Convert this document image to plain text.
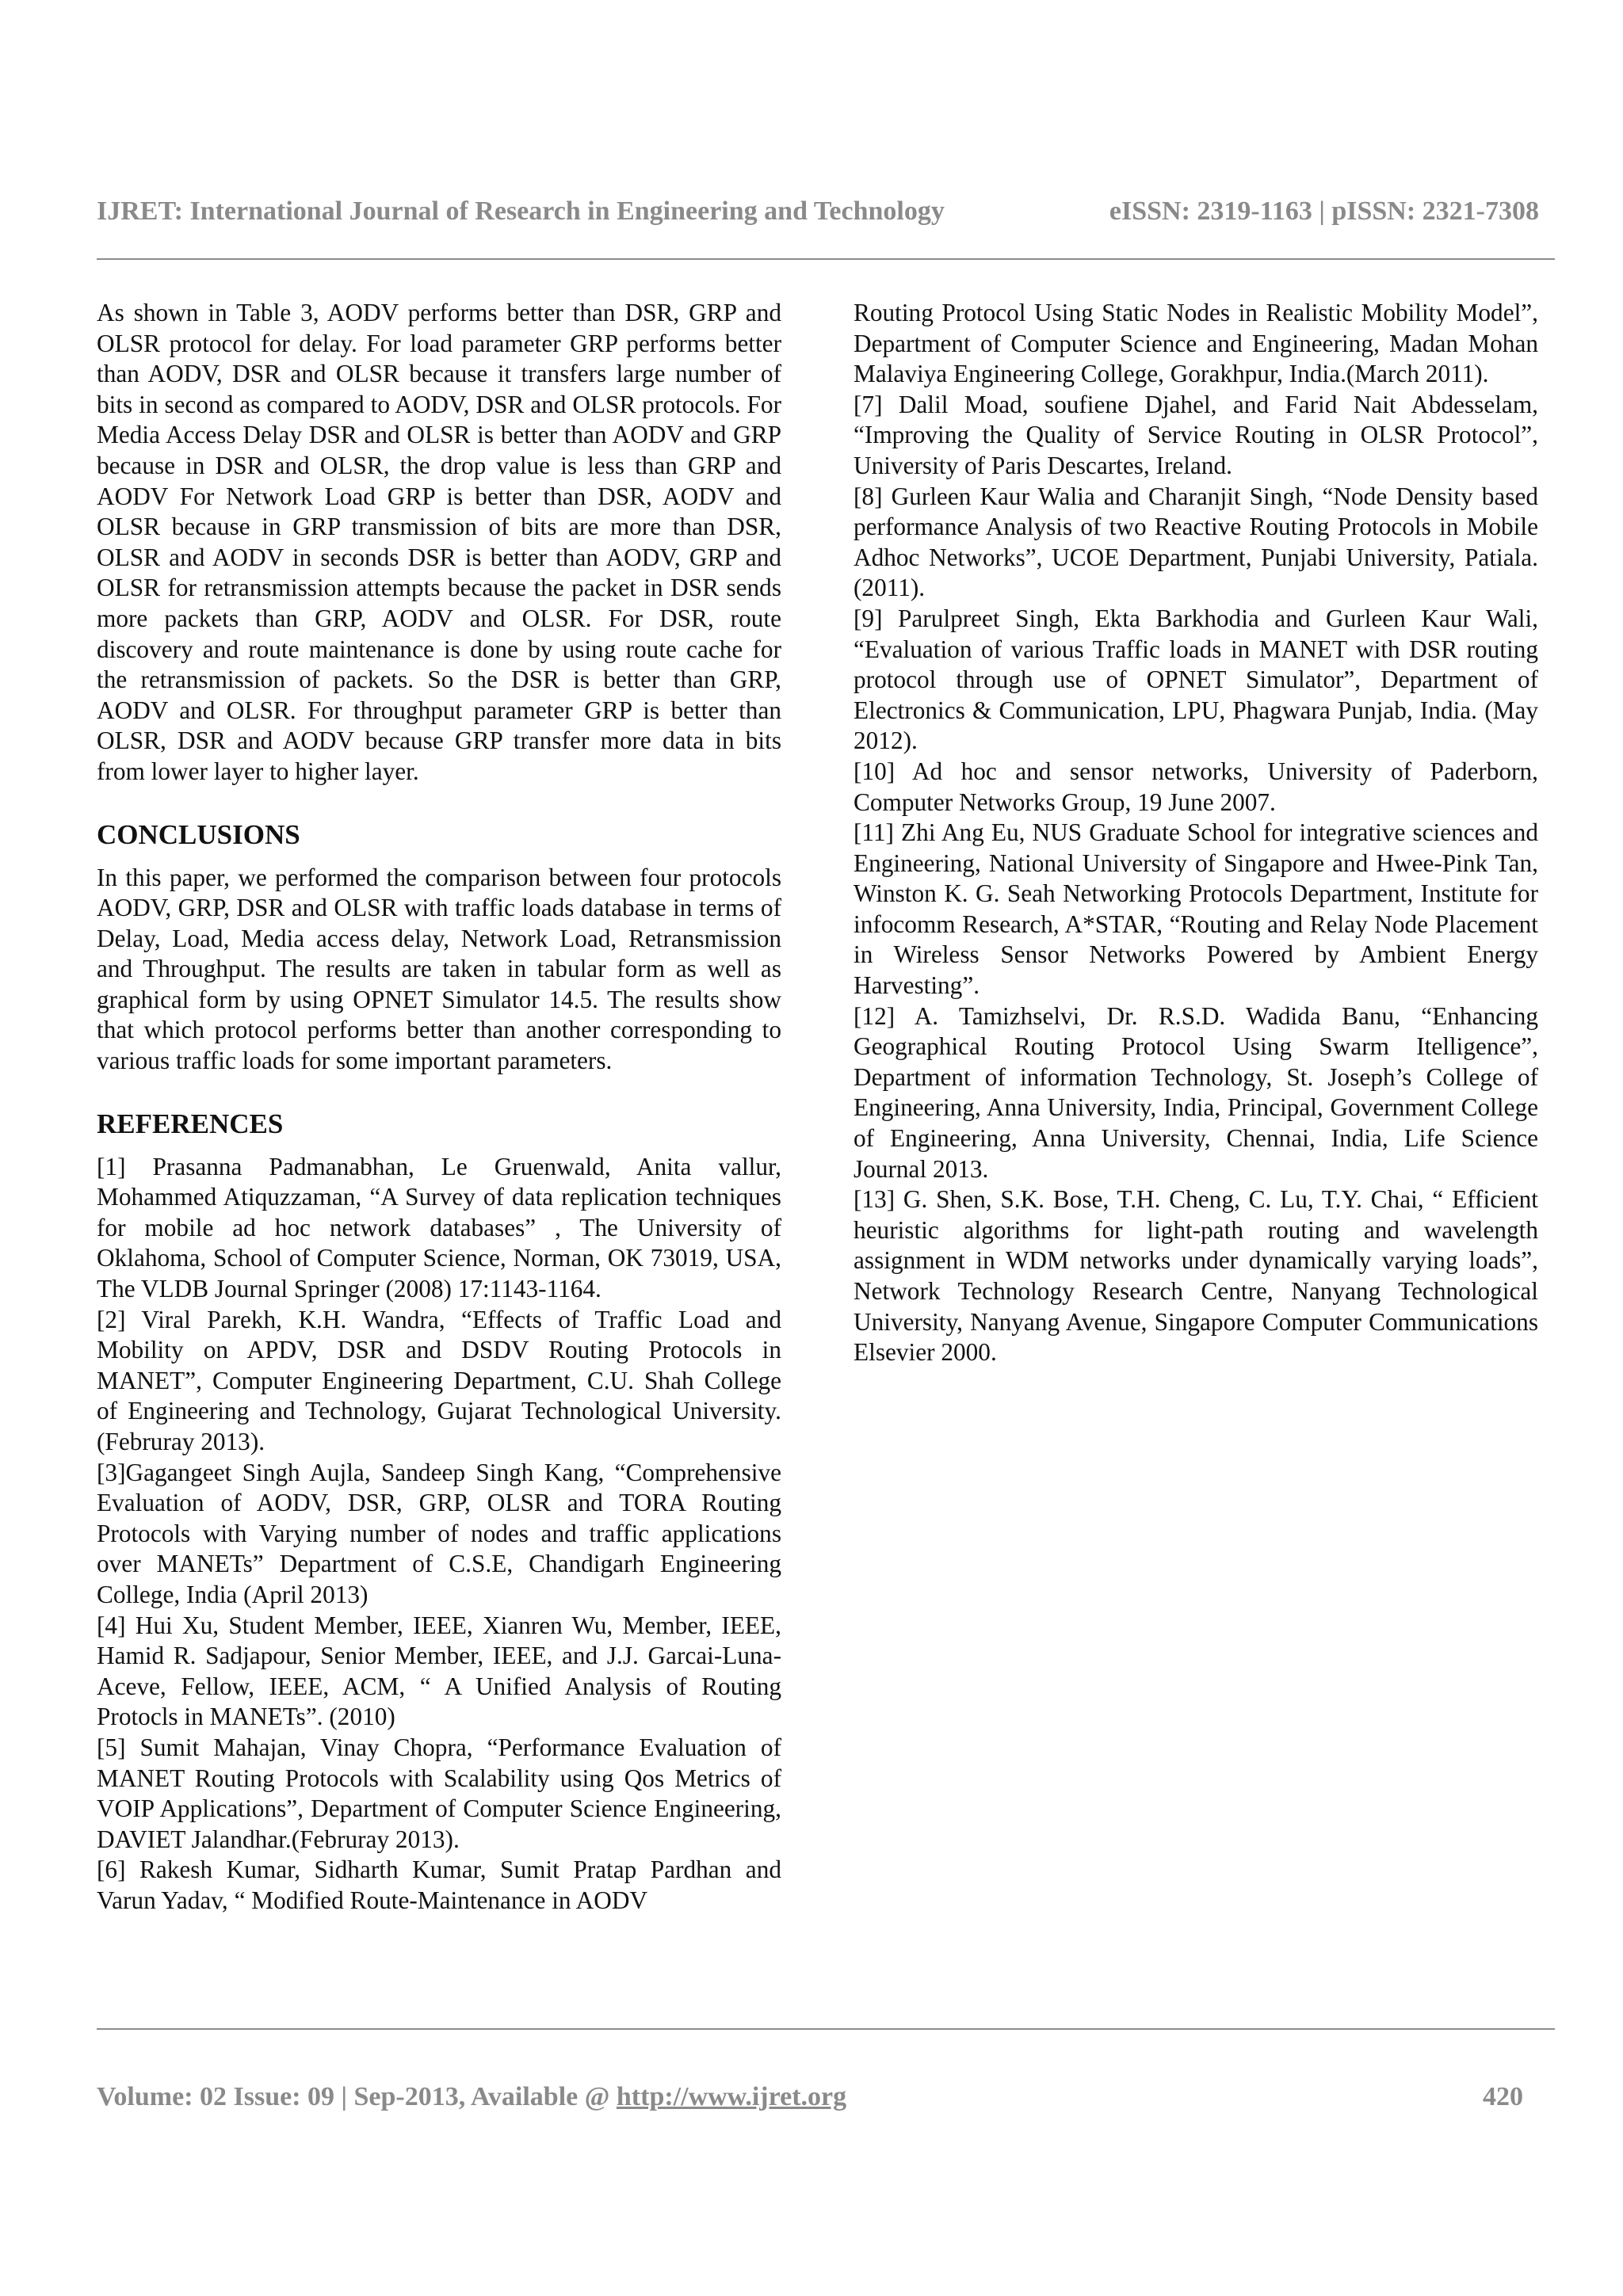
IJRET: International Journal of Research in Engineering and Technology	eISSN: 2319-1163 | pISSN: 2321-7308

As shown in Table 3, AODV performs better than DSR, GRP and OLSR protocol for delay. For load parameter GRP performs better than AODV, DSR and OLSR because it transfers large number of bits in second as compared to AODV, DSR and OLSR protocols. For Media Access Delay DSR and OLSR is better than AODV and GRP because in DSR and OLSR, the drop value is less than GRP and AODV For Network Load GRP is better than DSR, AODV and OLSR because in GRP transmission of bits are more than DSR, OLSR and AODV in seconds DSR is better than AODV, GRP and OLSR for retransmission attempts because the packet in DSR sends more packets than GRP, AODV and OLSR. For DSR, route discovery and route maintenance is done by using route cache for the retransmission of packets. So the DSR is better than GRP, AODV and OLSR. For throughput parameter GRP is better than OLSR, DSR and AODV because GRP transfer more data in bits from lower layer to higher layer.

CONCLUSIONS

In this paper, we performed the comparison between four protocols AODV, GRP, DSR and OLSR with traffic loads database in terms of Delay, Load, Media access delay, Network Load, Retransmission and Throughput. The results are taken in tabular form as well as graphical form by using OPNET Simulator 14.5. The results show that which protocol performs better than another corresponding to various traffic loads for some important parameters.

REFERENCES

[1] Prasanna Padmanabhan, Le Gruenwald, Anita vallur, Mohammed Atiquzzaman, “A Survey of data replication techniques for mobile ad hoc network databases” , The University of Oklahoma, School of Computer Science, Norman, OK 73019, USA, The VLDB Journal Springer (2008) 17:1143-1164.

[2] Viral Parekh, K.H. Wandra, “Effects of Traffic Load and Mobility on APDV, DSR and DSDV Routing Protocols in MANET”, Computer Engineering Department, C.U. Shah College of Engineering and Technology, Gujarat Technological University.(Februray 2013).

[3]Gagangeet Singh Aujla, Sandeep Singh Kang, “Comprehensive Evaluation of AODV, DSR, GRP, OLSR and TORA Routing Protocols with Varying number of nodes and traffic applications over MANETs” Department of C.S.E, Chandigarh Engineering College, India (April 2013)

[4] Hui Xu, Student Member, IEEE, Xianren Wu, Member, IEEE, Hamid R. Sadjapour, Senior Member, IEEE, and J.J. Garcai-Luna-Aceve, Fellow, IEEE, ACM, “ A Unified Analysis of Routing Protocls in MANETs”. (2010)

[5] Sumit Mahajan, Vinay Chopra, “Performance Evaluation of MANET Routing Protocols with Scalability using Qos Metrics of VOIP Applications”, Department of Computer Science Engineering, DAVIET Jalandhar.(Februray 2013).

[6] Rakesh Kumar, Sidharth Kumar, Sumit Pratap Pardhan and Varun Yadav, “ Modified Route-Maintenance in AODV

Routing Protocol Using Static Nodes in Realistic Mobility Model”, Department of Computer Science and Engineering, Madan Mohan Malaviya Engineering College, Gorakhpur, India.(March 2011).

[7] Dalil Moad, soufiene Djahel, and Farid Nait Abdesselam, “Improving the Quality of Service Routing in OLSR Protocol”, University of Paris Descartes, Ireland.

[8] Gurleen Kaur Walia and Charanjit Singh, “Node Density based performance Analysis of two Reactive Routing Protocols in Mobile Adhoc Networks”, UCOE Department, Punjabi University, Patiala.(2011).

[9] Parulpreet Singh, Ekta Barkhodia and Gurleen Kaur Wali, “Evaluation of various Traffic loads in MANET with DSR routing protocol through use of OPNET Simulator”, Department of Electronics & Communication, LPU, Phagwara Punjab, India. (May 2012).

[10] Ad hoc and sensor networks, University of Paderborn, Computer Networks Group, 19 June 2007.

[11] Zhi Ang Eu, NUS Graduate School for integrative sciences and Engineering, National University of Singapore and Hwee-Pink Tan, Winston K. G. Seah Networking Protocols Department, Institute for infocomm Research, A*STAR, “Routing and Relay Node Placement in Wireless Sensor Networks Powered by Ambient Energy Harvesting”.

[12] A. Tamizhselvi, Dr. R.S.D. Wadida Banu, “Enhancing Geographical Routing Protocol Using Swarm Itelligence”, Department of information Technology, St. Joseph’s College of Engineering, Anna University, India, Principal, Government College of Engineering, Anna University, Chennai, India, Life Science Journal 2013.

[13] G. Shen, S.K. Bose, T.H. Cheng, C. Lu, T.Y. Chai, “ Efficient heuristic algorithms for light-path routing and wavelength assignment in WDM networks under dynamically varying loads”, Network Technology Research Centre, Nanyang Technological University, Nanyang Avenue, Singapore Computer Communications Elsevier 2000.

Volume: 02 Issue: 09 | Sep-2013, Available @ http://www.ijret.org	420
